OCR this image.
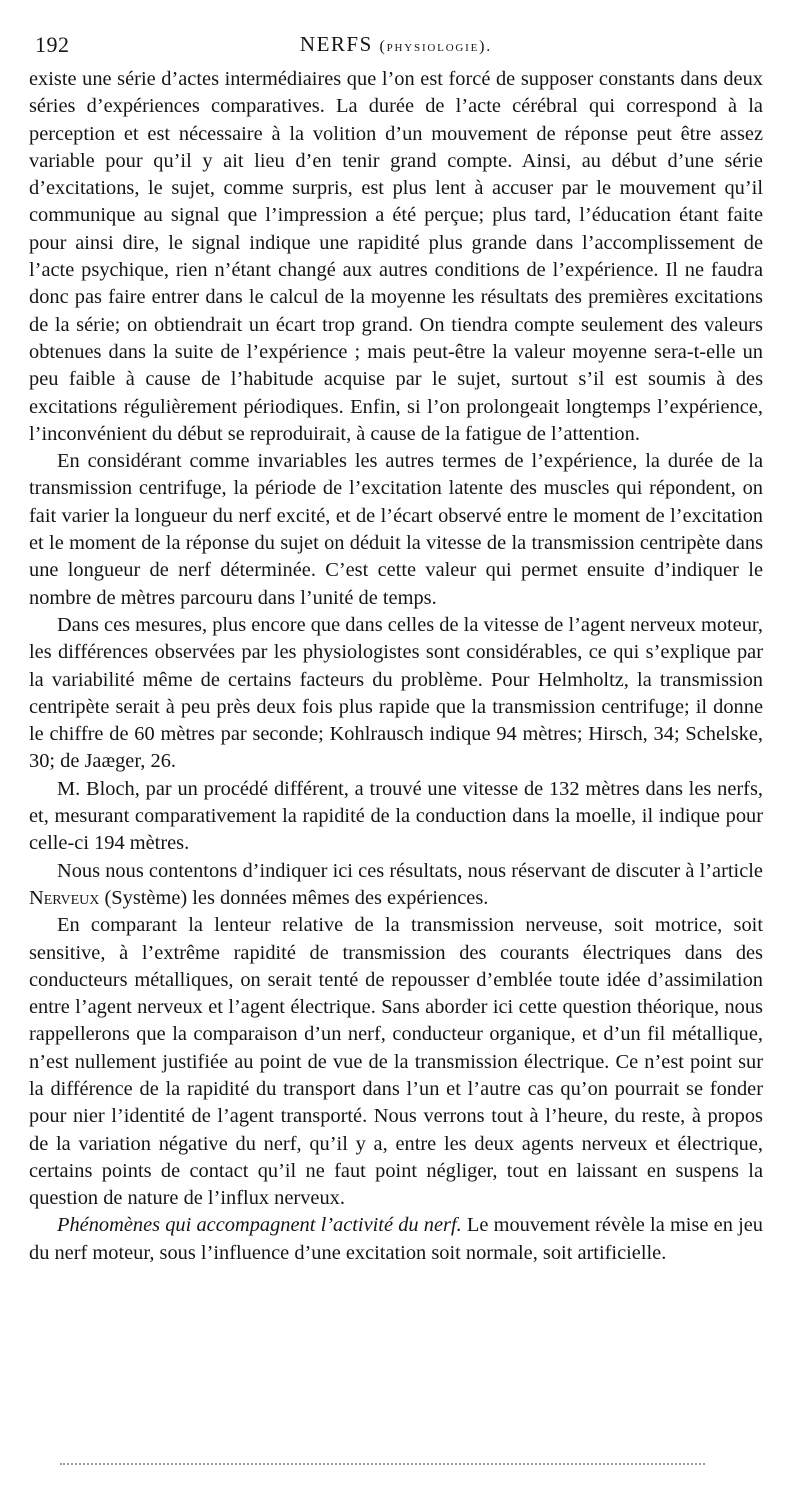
192	NERFS (physiologie).

existe une série d’actes intermédiaires que l’on est forcé de supposer constants dans deux séries d’expériences comparatives. La durée de l’acte cérébral qui correspond à la perception et est nécessaire à la volition d’un mouvement de réponse peut être assez variable pour qu’il y ait lieu d’en tenir grand compte. Ainsi, au début d’une série d’excitations, le sujet, comme surpris, est plus lent à accuser par le mouvement qu’il communique au signal que l’impression a été perçue; plus tard, l’éducation étant faite pour ainsi dire, le signal indique une rapidité plus grande dans l’accomplissement de l’acte psychique, rien n’étant changé aux autres conditions de l’expérience. Il ne faudra donc pas faire entrer dans le calcul de la moyenne les résultats des premières excitations de la série; on obtiendrait un écart trop grand. On tiendra compte seulement des valeurs obtenues dans la suite de l’expérience ; mais peut-être la valeur moyenne sera-t-elle un peu faible à cause de l’habitude acquise par le sujet, surtout s’il est soumis à des excitations régulièrement périodiques. Enfin, si l’on prolongeait longtemps l’expérience, l’inconvénient du début se reproduirait, à cause de la fatigue de l’attention.

En considérant comme invariables les autres termes de l’expérience, la durée de la transmission centrifuge, la période de l’excitation latente des muscles qui répondent, on fait varier la longueur du nerf excité, et de l’écart observé entre le moment de l’excitation et le moment de la réponse du sujet on déduit la vitesse de la transmission centripète dans une longueur de nerf déterminée. C’est cette valeur qui permet ensuite d’indiquer le nombre de mètres parcouru dans l’unité de temps.

Dans ces mesures, plus encore que dans celles de la vitesse de l’agent nerveux moteur, les différences observées par les physiologistes sont considérables, ce qui s’explique par la variabilité même de certains facteurs du problème. Pour Helmholtz, la transmission centripète serait à peu près deux fois plus rapide que la transmission centrifuge; il donne le chiffre de 60 mètres par seconde; Kohlrausch indique 94 mètres; Hirsch, 34; Schelske, 30; de Jaæger, 26.

M. Bloch, par un procédé différent, a trouvé une vitesse de 132 mètres dans les nerfs, et, mesurant comparativement la rapidité de la conduction dans la moelle, il indique pour celle-ci 194 mètres.

Nous nous contentons d’indiquer ici ces résultats, nous réservant de discuter à l’article Nerveux (Système) les données mêmes des expériences.

En comparant la lenteur relative de la transmission nerveuse, soit motrice, soit sensitive, à l’extrême rapidité de transmission des courants électriques dans des conducteurs métalliques, on serait tenté de repousser d’emblée toute idée d’assimilation entre l’agent nerveux et l’agent électrique. Sans aborder ici cette question théorique, nous rappellerons que la comparaison d’un nerf, conducteur organique, et d’un fil métallique, n’est nullement justifiée au point de vue de la transmission électrique. Ce n’est point sur la différence de la rapidité du transport dans l’un et l’autre cas qu’on pourrait se fonder pour nier l’identité de l’agent transporté. Nous verrons tout à l’heure, du reste, à propos de la variation négative du nerf, qu’il y a, entre les deux agents nerveux et électrique, certains points de contact qu’il ne faut point négliger, tout en laissant en suspens la question de nature de l’influx nerveux.

Phénomènes qui accompagnent l’activité du nerf. Le mouvement révèle la mise en jeu du nerf moteur, sous l’influence d’une excitation soit normale, soit artificielle.
